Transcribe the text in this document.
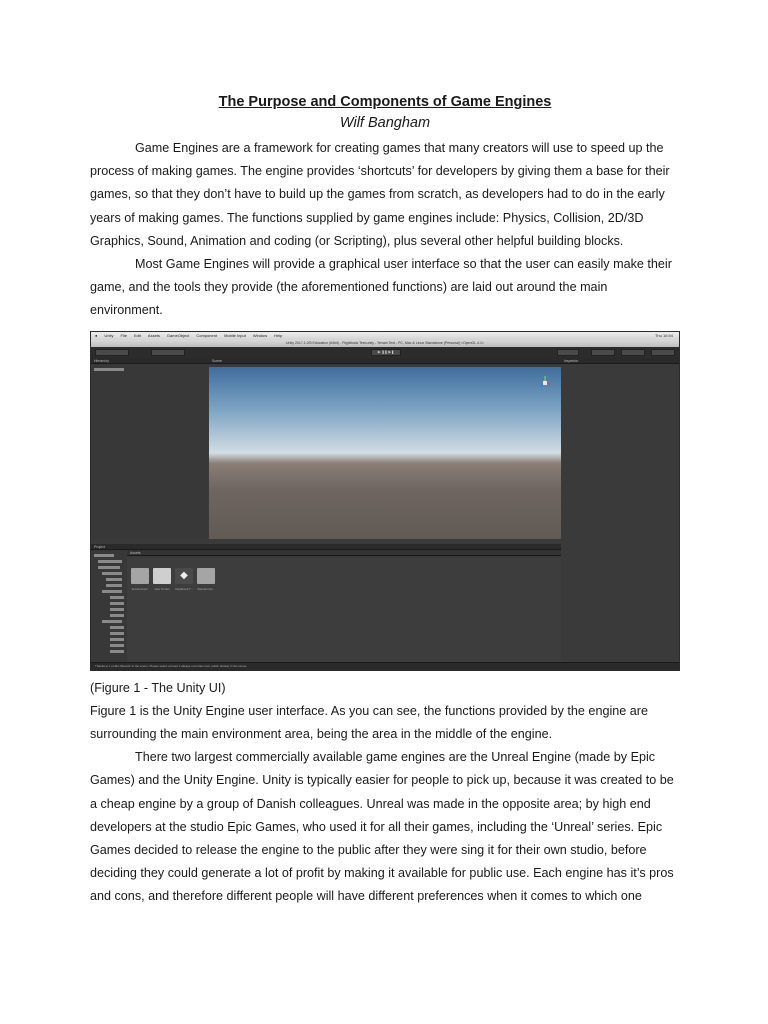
The Purpose and Components of Game Engines
Wilf Bangham

Game Engines are a framework for creating games that many creators will use to speed up the process of making games. The engine provides ‘shortcuts’ for developers by giving them a base for their games, so that they don’t have to build up the games from scratch, as developers had to do in the early years of making games. The functions supplied by game engines include: Physics, Collision, 2D/3D Graphics, Sound, Animation and coding (or Scripting), plus several other helpful building blocks.

Most Game Engines will provide a graphical user interface so that the user can easily make their game, and the tools they provide (the aforementioned functions) are laid out around the main environment.

● Unity File Edit Assets GameObject Component Mobile Input Window Help	Thu 16:54
Unity 2017.1.0f3 Education (64bit) - Flightbook Test.unity - Terrain Test - PC, Mac & Linux Standalone (Personal) <OpenGL 4.1>
▶ ❚❚ ▶❚
Hierarchy	Scene	Inspector
Project
Assets
Environment	New Terrain
◆
Flightbook T...	Standard As...
Thanks to 1 public fifteenth in the scene. Please select at least 1 always overrides user public fairway in the scene.

(Figure 1 - The Unity UI)

Figure 1 is the Unity Engine user interface. As you can see, the functions provided by the engine are surrounding the main environment area, being the area in the middle of the engine.

There two largest commercially available game engines are the Unreal Engine (made by Epic Games) and the Unity Engine. Unity is typically easier for people to pick up, because it was created to be a cheap engine by a group of Danish colleagues. Unreal was made in the opposite area; by high end developers at the studio Epic Games, who used it for all their games, including the ‘Unreal’ series. Epic Games decided to release the engine to the public after they were sing it for their own studio, before deciding they could generate a lot of profit by making it available for public use. Each engine has it’s pros and cons, and therefore different people will have different preferences when it comes to which one
